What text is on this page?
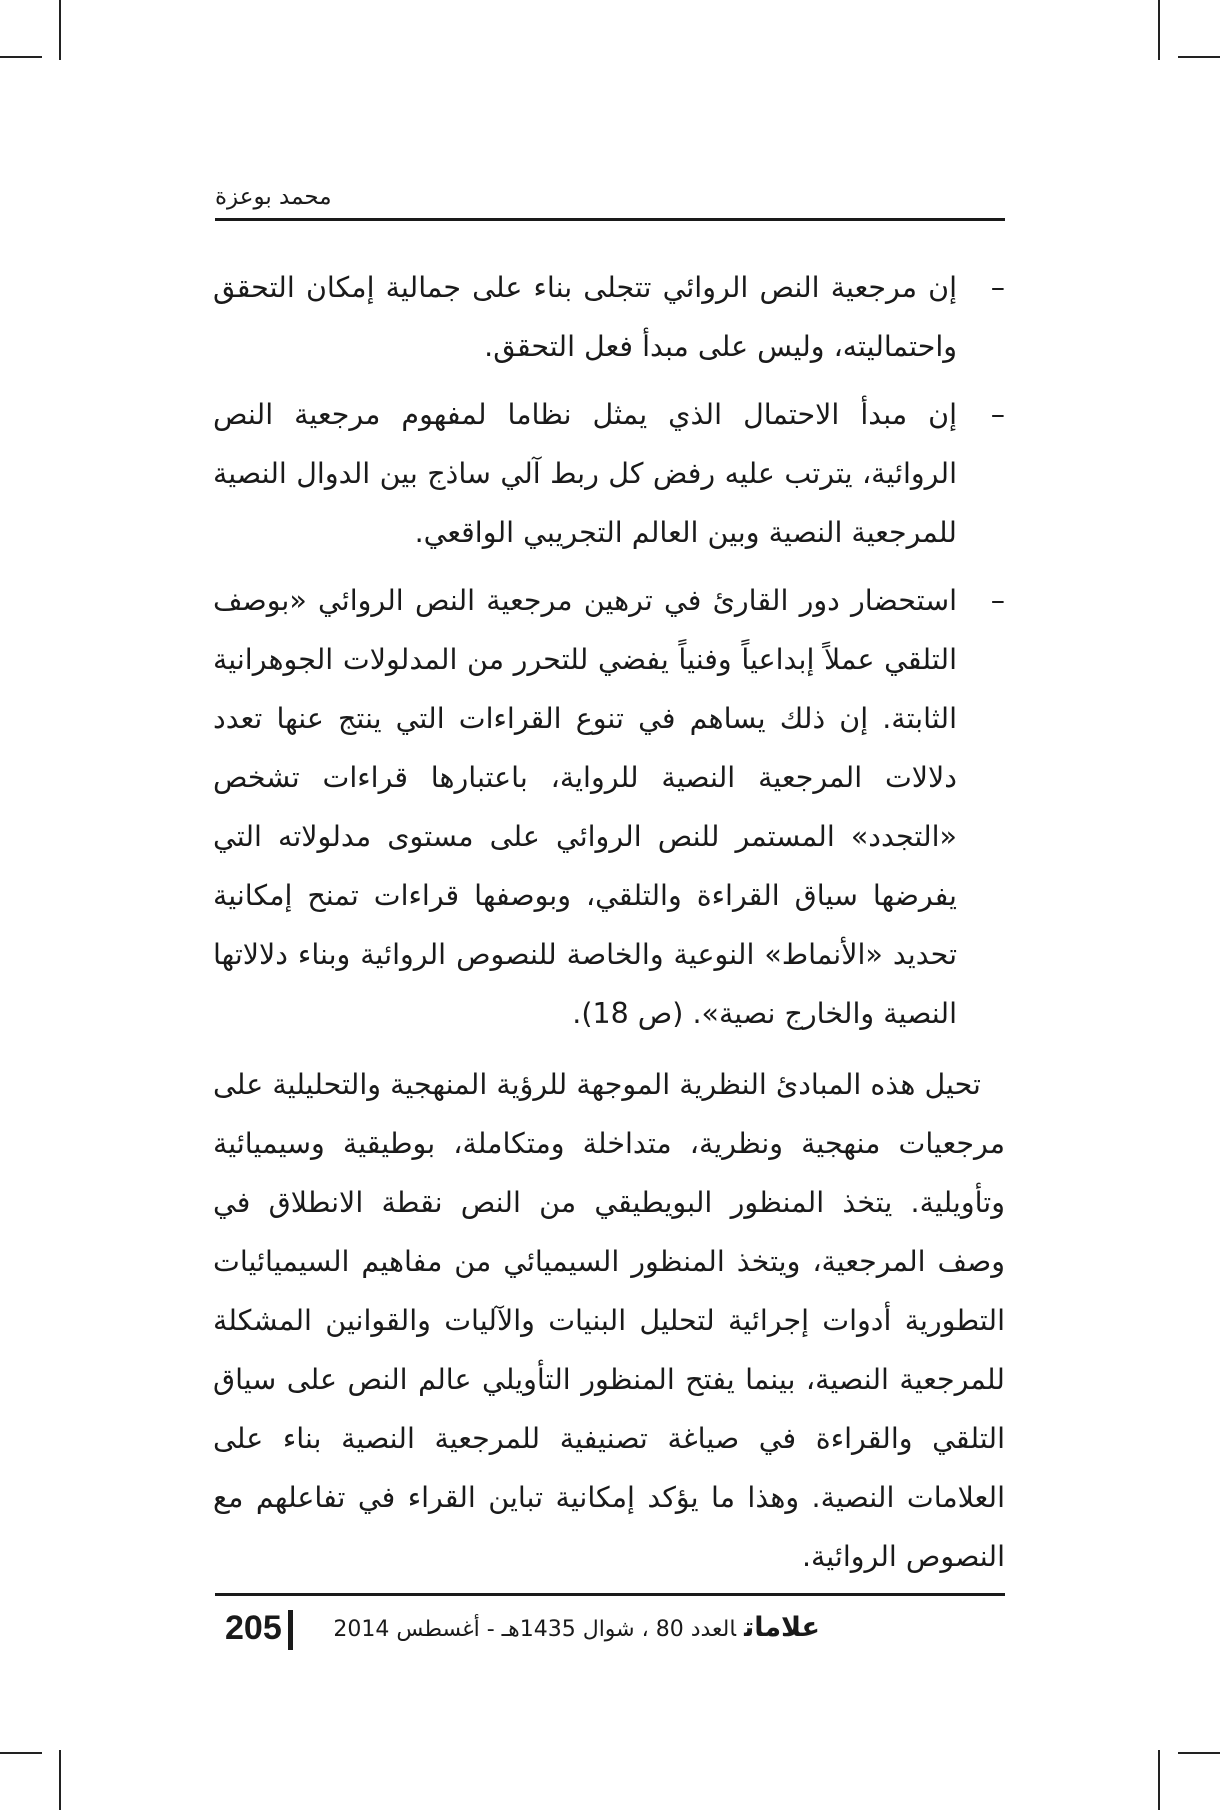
محمد بوعزة
–
إن مرجعية النص الروائي تتجلى بناء على جمالية إمكان التحقق واحتماليته، وليس على مبدأ فعل التحقق.
–
إن مبدأ الاحتمال الذي يمثل نظاما لمفهوم مرجعية النص الروائية، يترتب عليه رفض كل ربط آلي ساذج بين الدوال النصية للمرجعية النصية وبين العالم التجريبي الواقعي.
–
استحضار دور القارئ في ترهين مرجعية النص الروائي «بوصف التلقي عملاً إبداعياً وفنياً يفضي للتحرر من المدلولات الجوهرانية الثابتة. إن ذلك يساهم في تنوع القراءات التي ينتج عنها تعدد دلالات المرجعية النصية للرواية، باعتبارها قراءات تشخص «التجدد» المستمر للنص الروائي على مستوى مدلولاته التي يفرضها سياق القراءة والتلقي، وبوصفها قراءات تمنح إمكانية تحديد «الأنماط» النوعية والخاصة للنصوص الروائية وبناء دلالاتها النصية والخارج نصية». (ص 18).

تحيل هذه المبادئ النظرية الموجهة للرؤية المنهجية والتحليلية على مرجعيات منهجية ونظرية، متداخلة ومتكاملة، بوطيقية وسيميائية وتأويلية. يتخذ المنظور البويطيقي من النص نقطة الانطلاق في وصف المرجعية، ويتخذ المنظور السيميائي من مفاهيم السيميائيات التطورية أدوات إجرائية لتحليل البنيات والآليات والقوانين المشكلة للمرجعية النصية، بينما يفتح المنظور التأويلي عالم النص على سياق التلقي والقراءة في صياغة تصنيفية للمرجعية النصية بناء على العلامات النصية. وهذا ما يؤكد إمكانية تباين القراء في تفاعلهم مع النصوص الروائية.

205	علاماتالعدد 80 ، شوال 1435هـ - أغسطس 2014
